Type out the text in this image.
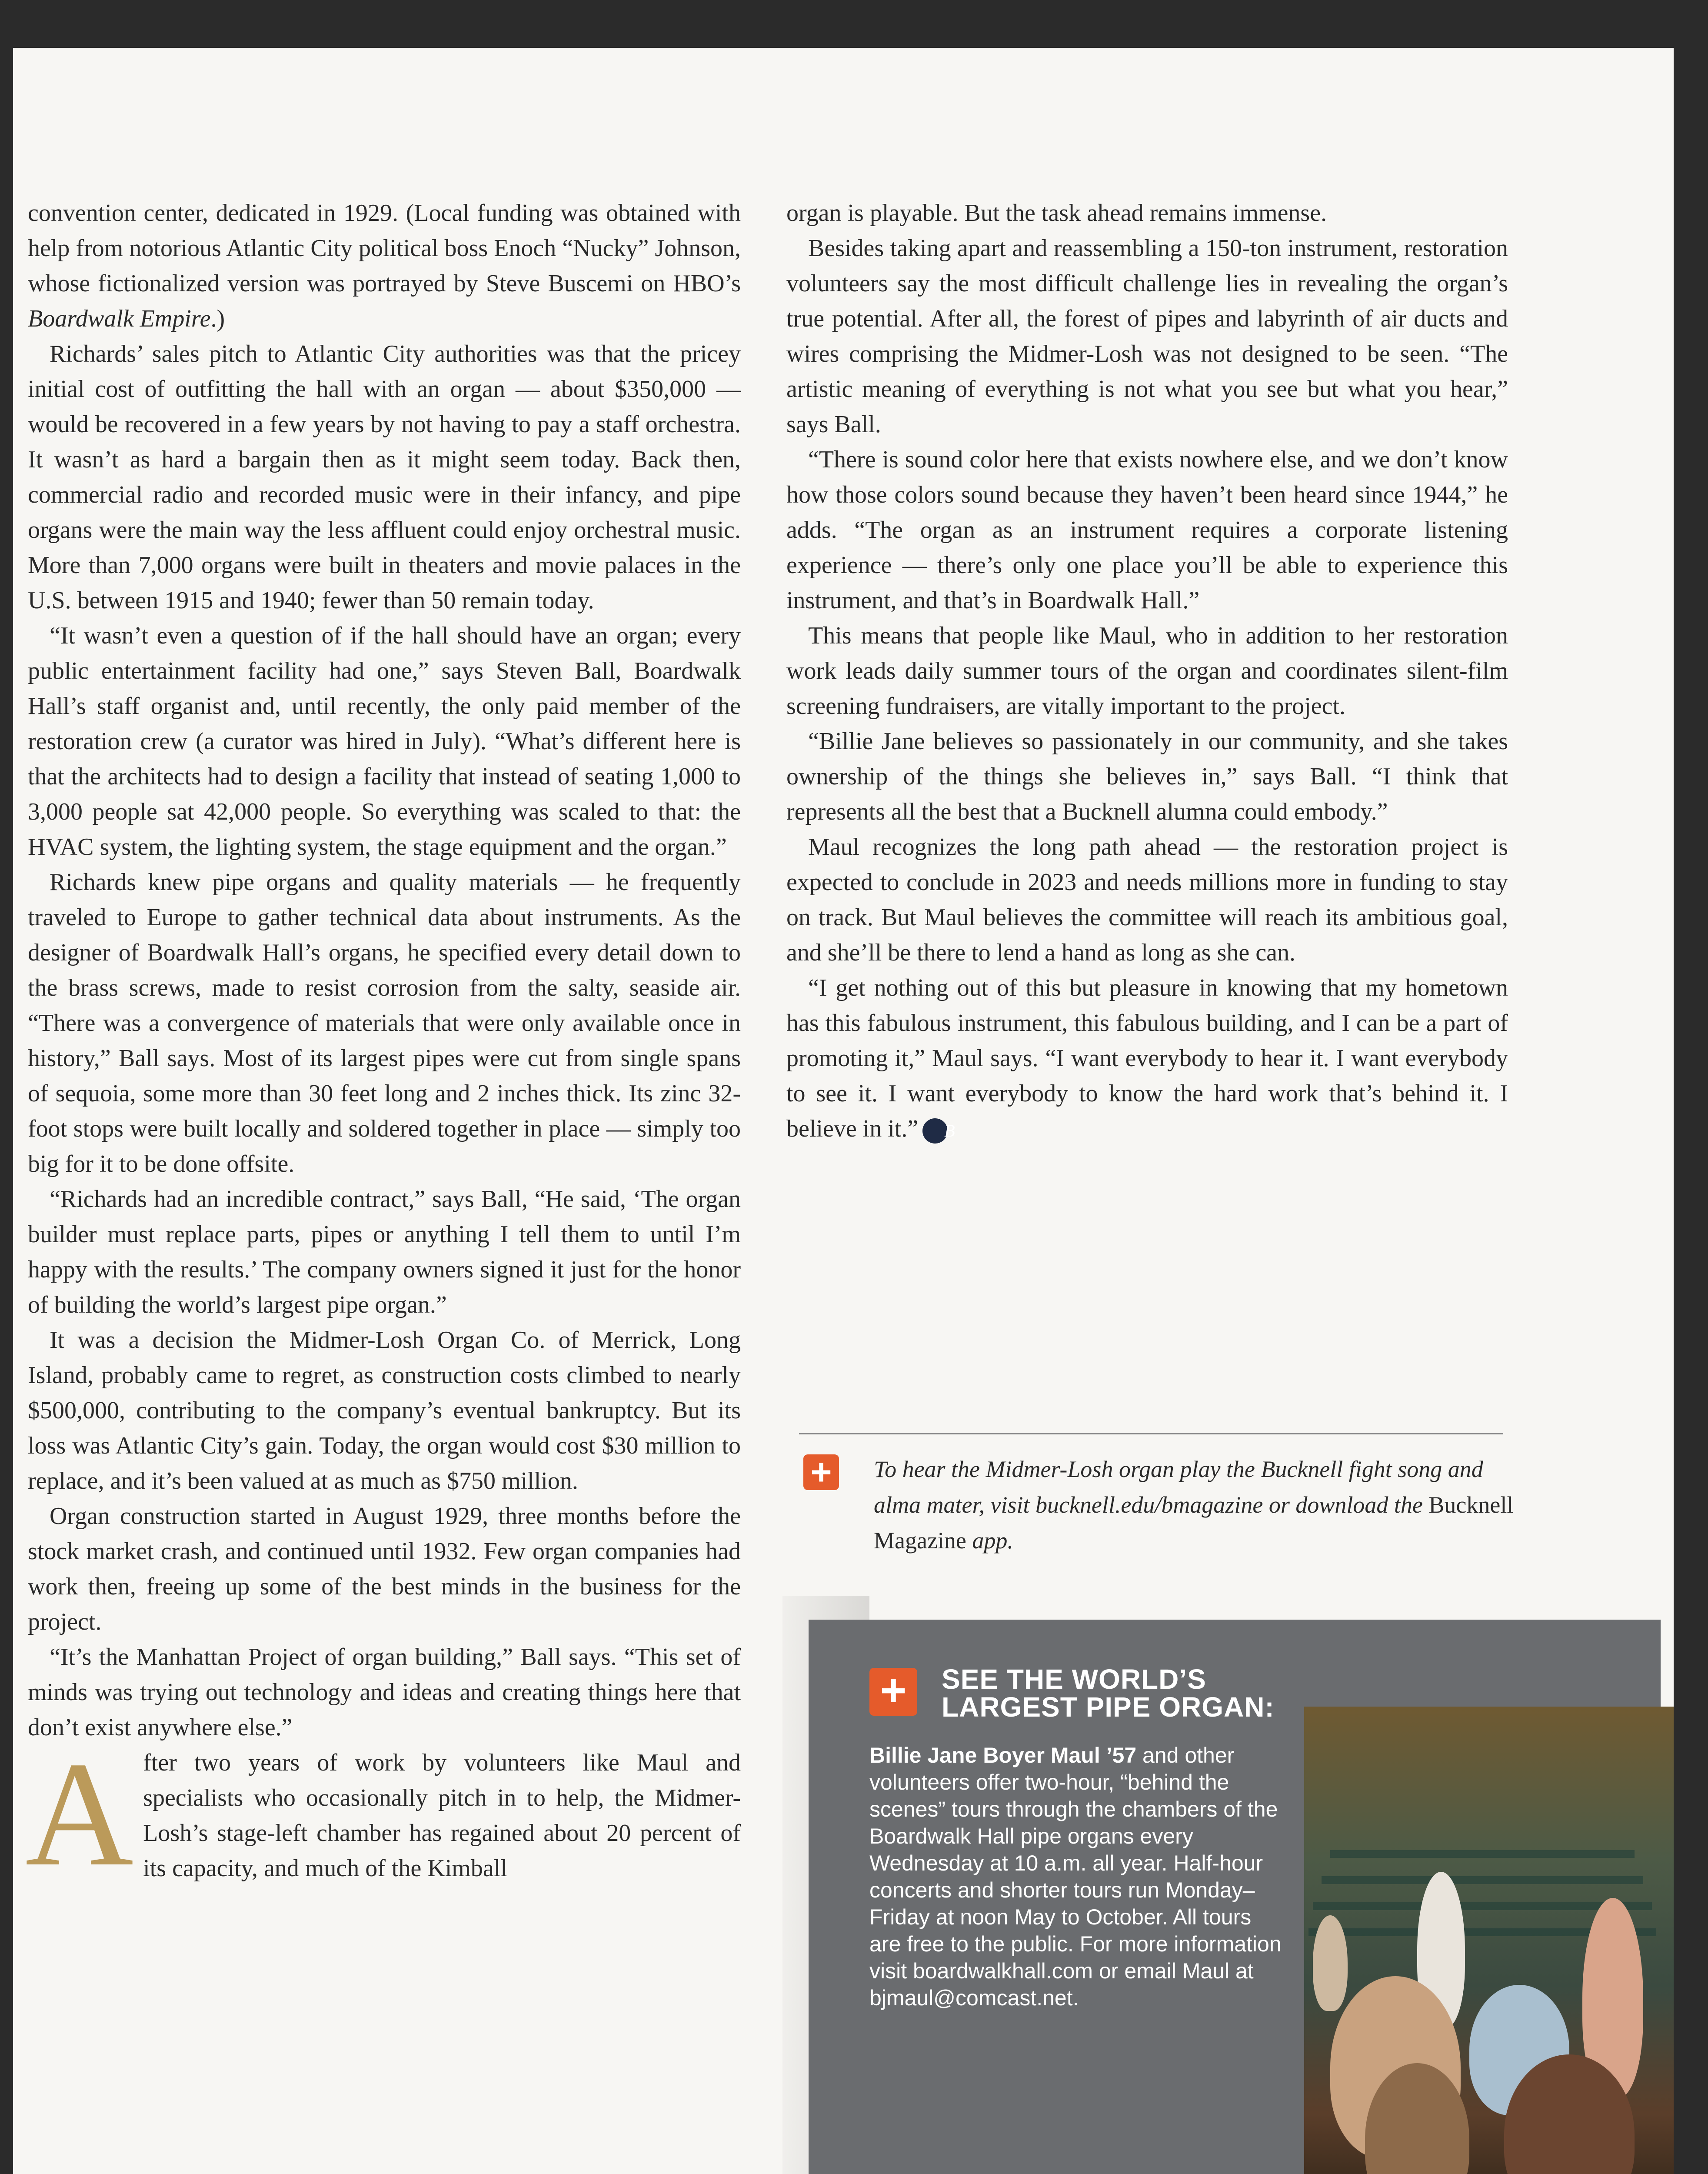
convention center, dedicated in 1929. (Local funding was obtained with help from notorious Atlantic City political boss Enoch “Nucky” Johnson, whose fictionalized version was portrayed by Steve Buscemi on HBO’s Boardwalk Empire.)

Richards’ sales pitch to Atlantic City authorities was that the pricey initial cost of outfitting the hall with an organ — about $350,000 — would be recovered in a few years by not having to pay a staff orchestra. It wasn’t as hard a bargain then as it might seem today. Back then, commercial radio and recorded music were in their infancy, and pipe organs were the main way the less affluent could enjoy orchestral music. More than 7,000 organs were built in theaters and movie palaces in the U.S. between 1915 and 1940; fewer than 50 remain today.

“It wasn’t even a question of if the hall should have an organ; every public entertainment facility had one,” says Steven Ball, Boardwalk Hall’s staff organist and, until recently, the only paid member of the restoration crew (a curator was hired in July). “What’s different here is that the architects had to design a facility that instead of seating 1,000 to 3,000 people sat 42,000 people. So everything was scaled to that: the HVAC system, the lighting system, the stage equipment and the organ.”

Richards knew pipe organs and quality materials — he frequently traveled to Europe to gather technical data about instruments. As the designer of Boardwalk Hall’s organs, he specified every detail down to the brass screws, made to resist corrosion from the salty, seaside air. “There was a convergence of materials that were only available once in history,” Ball says. Most of its largest pipes were cut from single spans of sequoia, some more than 30 feet long and 2 inches thick. Its zinc 32-foot stops were built locally and soldered together in place — simply too big for it to be done offsite.

“Richards had an incredible contract,” says Ball, “He said, ‘The organ builder must replace parts, pipes or anything I tell them to until I’m happy with the results.’ The company owners signed it just for the honor of building the world’s largest pipe organ.”

It was a decision the Midmer-Losh Organ Co. of Merrick, Long Island, probably came to regret, as construction costs climbed to nearly $500,000, contributing to the company’s eventual bankruptcy. But its loss was Atlantic City’s gain. Today, the organ would cost $30 million to replace, and it’s been valued at as much as $750 million.

Organ construction started in August 1929, three months before the stock market crash, and continued until 1932. Few organ companies had work then, freeing up some of the best minds in the business for the project.

“It’s the Manhattan Project of organ building,” Ball says. “This set of minds was trying out technology and ideas and creating things here that don’t exist anywhere else.”

After two years of work by volunteers like Maul and specialists who occasionally pitch in to help, the Midmer-Losh’s stage-left chamber has regained about 20 percent of its capacity, and much of the Kimball

organ is playable. But the task ahead remains immense.

Besides taking apart and reassembling a 150-ton instrument, restoration volunteers say the most difficult challenge lies in revealing the organ’s true potential. After all, the forest of pipes and labyrinth of air ducts and wires comprising the Midmer-Losh was not designed to be seen. “The artistic meaning of everything is not what you see but what you hear,” says Ball.

“There is sound color here that exists nowhere else, and we don’t know how those colors sound because they haven’t been heard since 1944,” he adds. “The organ as an instrument requires a corporate listening experience — there’s only one place you’ll be able to experience this instrument, and that’s in Boardwalk Hall.”

This means that people like Maul, who in addition to her restoration work leads daily summer tours of the organ and coordinates silent-film screening fundraisers, are vitally important to the project.

“Billie Jane believes so passionately in our community, and she takes ownership of the things she believes in,” says Ball. “I think that represents all the best that a Bucknell alumna could embody.”

Maul recognizes the long path ahead — the restoration project is expected to conclude in 2023 and needs millions more in funding to stay on track. But Maul believes the committee will reach its ambitious goal, and she’ll be there to lend a hand as long as she can.

“I get nothing out of this but pleasure in knowing that my hometown has this fabulous instrument, this fabulous building, and I can be a part of promoting it,” Maul says. “I want everybody to hear it. I want everybody to see it. I want everybody to know the hard work that’s behind it. I believe in it.” B

+	To hear the Midmer-Losh organ play the Bucknell fight song and alma mater, visit bucknell.edu/bmagazine or download the Bucknell Magazine app.
+	SEE THE WORLD’S
LARGEST PIPE ORGAN:
Billie Jane Boyer Maul ’57 and other volunteers offer two-hour, “behind the scenes” tours through the chambers of the Boardwalk Hall pipe organs every Wednesday at 10 a.m. all year. Half-hour concerts and shorter tours run Monday–Friday at noon May to October. All tours are free to the public. For more information visit boardwalkhall.com or email Maul at bjmaul@comcast.net.
